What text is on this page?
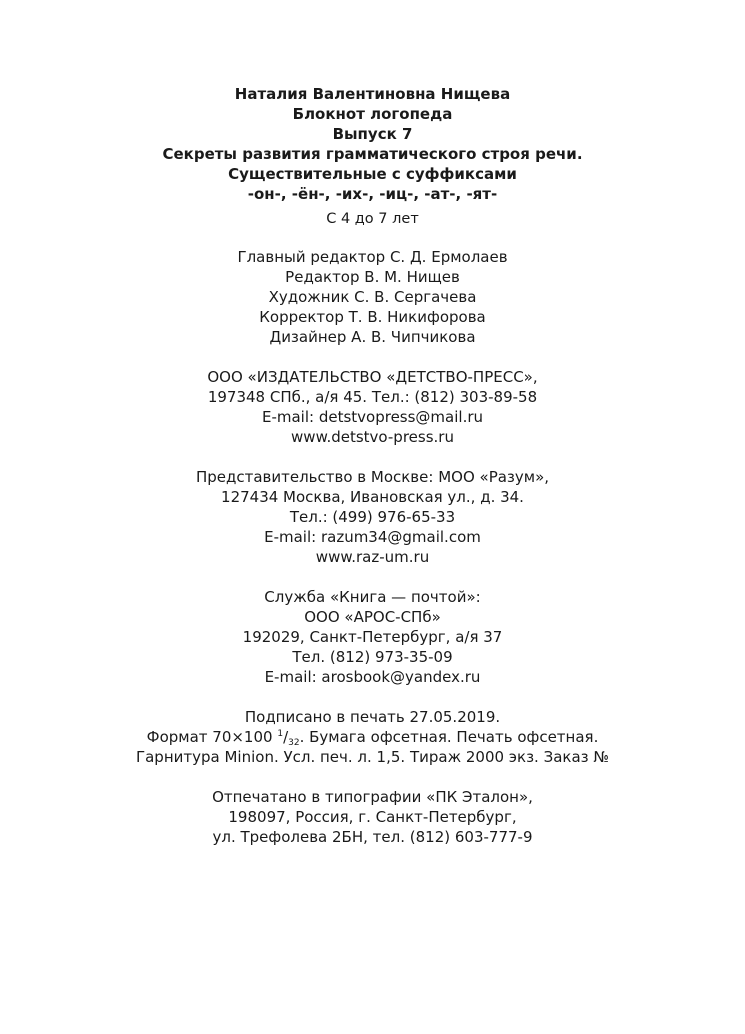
Наталия Валентиновна Нищева
Блокнот логопеда
Выпуск 7
Секреты развития грамматического строя речи.
Существительные с суффиксами
-он-, -ён-, -их-, -иц-, -ат-, -ят-
С 4 до 7 лет
Главный редактор С. Д. Ермолаев
Редактор В. М. Нищев
Художник С. В. Сергачева
Корректор Т. В. Никифорова
Дизайнер А. В. Чипчикова
ООО «ИЗДАТЕЛЬСТВО «ДЕТСТВО-ПРЕСС»,
197348 СПб., а/я 45. Тел.: (812) 303-89-58
E-mail: detstvopress@mail.ru
www.detstvo-press.ru
Представительство в Москве: МОО «Разум»,
127434 Москва, Ивановская ул., д. 34.
Тел.: (499) 976-65-33
E-mail: razum34@gmail.com
www.raz-um.ru
Служба «Книга — почтой»:
ООО «АРОС-СПб»
192029, Санкт-Петербург, а/я 37
Тел. (812) 973-35-09
E-mail: arosbook@yandex.ru
Подписано в печать 27.05.2019.
Формат 70×100 $^1/_{32}$. Бумага офсетная. Печать офсетная.
Гарнитура Minion. Усл. печ. л. 1,5. Тираж 2000 экз. Заказ №
Отпечатано в типографии «ПК Эталон»,
198097, Россия, г. Санкт-Петербург,
ул. Трефолева 2БН, тел. (812) 603-777-9
